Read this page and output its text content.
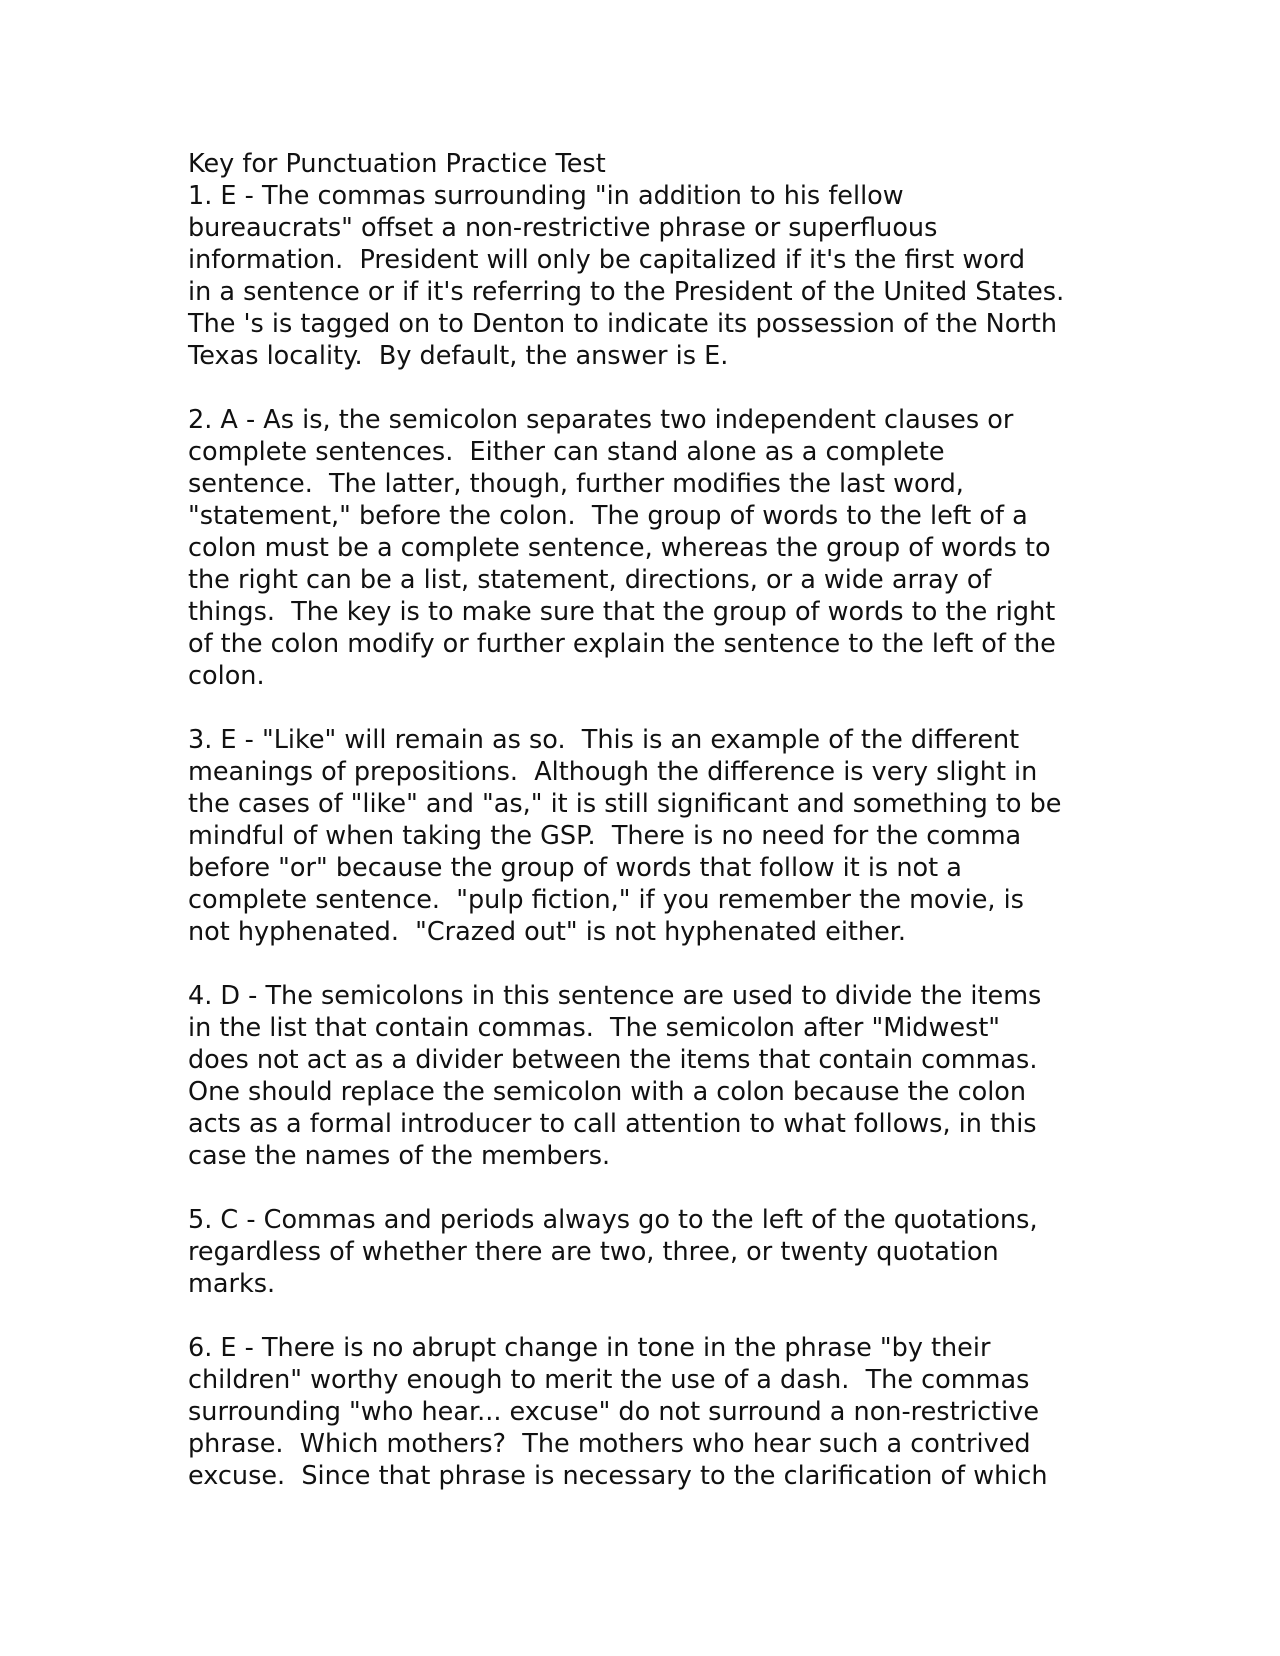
Key for Punctuation Practice Test
1. E - The commas surrounding "in addition to his fellow
bureaucrats" offset a non-restrictive phrase or superfluous
information.  President will only be capitalized if it's the first word
in a sentence or if it's referring to the President of the United States.
The 's is tagged on to Denton to indicate its possession of the North
Texas locality.  By default, the answer is E.
2. A - As is, the semicolon separates two independent clauses or
complete sentences.  Either can stand alone as a complete
sentence.  The latter, though, further modifies the last word,
"statement," before the colon.  The group of words to the left of a
colon must be a complete sentence, whereas the group of words to
the right can be a list, statement, directions, or a wide array of
things.  The key is to make sure that the group of words to the right
of the colon modify or further explain the sentence to the left of the
colon.
3. E - "Like" will remain as so.  This is an example of the different
meanings of prepositions.  Although the difference is very slight in
the cases of "like" and "as," it is still significant and something to be
mindful of when taking the GSP.  There is no need for the comma
before "or" because the group of words that follow it is not a
complete sentence.  "pulp fiction," if you remember the movie, is
not hyphenated.  "Crazed out" is not hyphenated either.
4. D - The semicolons in this sentence are used to divide the items
in the list that contain commas.  The semicolon after "Midwest"
does not act as a divider between the items that contain commas.
One should replace the semicolon with a colon because the colon
acts as a formal introducer to call attention to what follows, in this
case the names of the members.
5. C - Commas and periods always go to the left of the quotations,
regardless of whether there are two, three, or twenty quotation
marks.
6. E - There is no abrupt change in tone in the phrase "by their
children" worthy enough to merit the use of a dash.  The commas
surrounding "who hear... excuse" do not surround a non-restrictive
phrase.  Which mothers?  The mothers who hear such a contrived
excuse.  Since that phrase is necessary to the clarification of which
